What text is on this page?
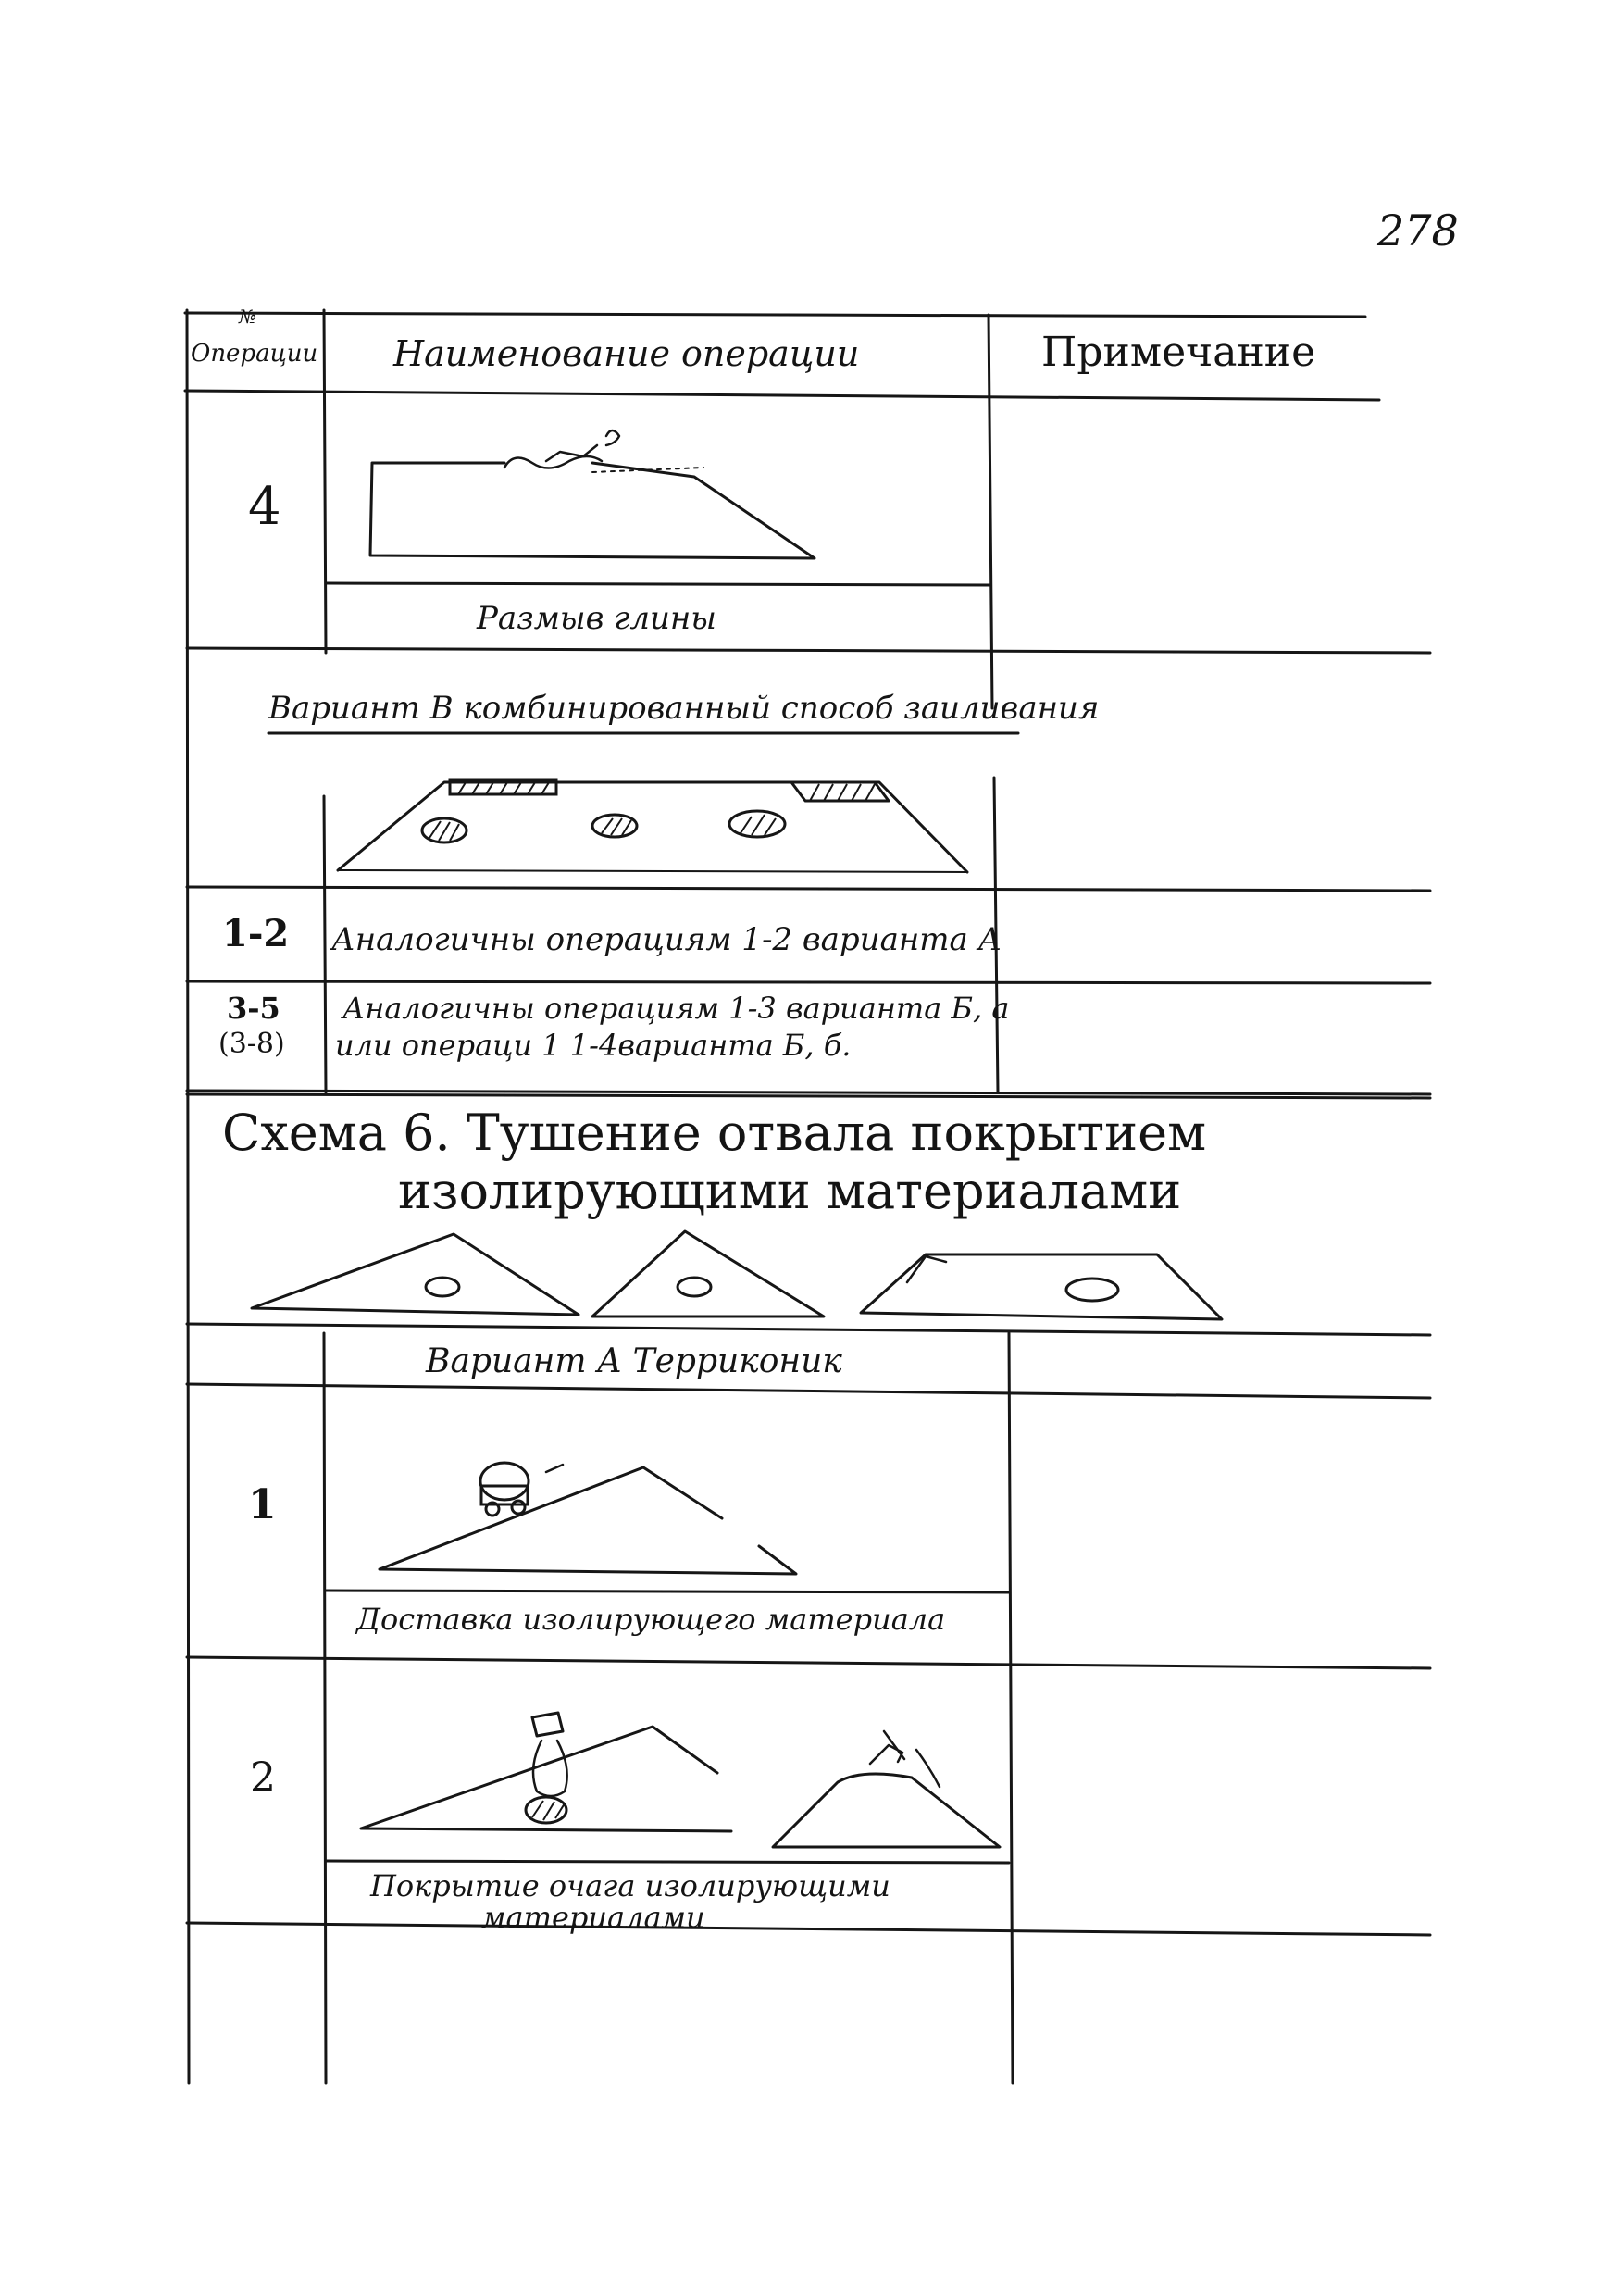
278
№
Операции Наименование операции	Примечание
4
Размыв глины
Вариант В комбинированный способ заиливания
1-2 Аналогичны операциям 1-2 варианта А
3-5
(3-8)
Аналогичны операциям 1-3 варианта Б, а
или операци 1 1-4варианта Б, б.
Схема 6. Тушение отвала покрытием
изолирующими материалами
Вариант А Терриконик
1
Доставка изолирующего материала
2
Покрытие очага изолирующими
материалами
